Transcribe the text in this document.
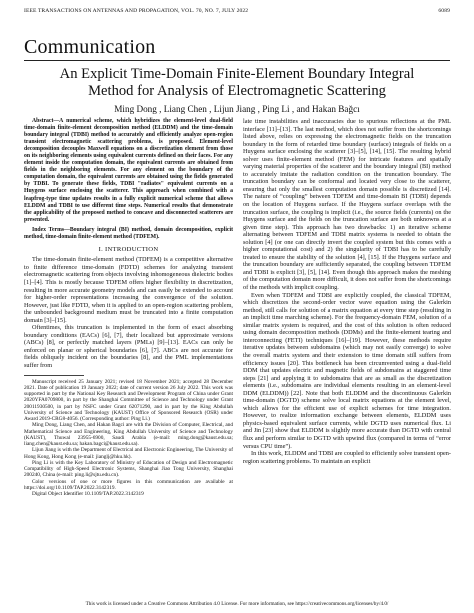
IEEE TRANSACTIONS ON ANTENNAS AND PROPAGATION, VOL. 70, NO. 7, JULY 2022	6089
Communication
An Explicit Time-Domain Finite-Element Boundary Integral Method for Analysis of Electromagnetic Scattering
Ming Dong , Liang Chen , Lijun Jiang , Ping Li , and Hakan Bağcı
Abstract—A numerical scheme, which hybridizes the element-level dual-field time-domain finite-element decomposition method (ELDDM) and the time-domain boundary integral (TDBI) method to accurately and efficiently analyze open-region transient electromagnetic scattering problems, is proposed. Element-level decomposition decouples Maxwell equations on a discretization element from those on its neighboring elements using equivalent currents defined on their faces. For any element inside the computation domain, the equivalent currents are obtained from fields in the neighboring elements. For any element on the boundary of the computation domain, the equivalent currents are obtained using the fields generated by TDBI. To generate these fields, TDBI "radiates" equivalent currents on a Huygens surface enclosing the scatterer. This approach when combined with a leapfrog-type time updates results in a fully explicit numerical scheme that allows ELDDM and TDBI to use different time steps. Numerical results that demonstrate the applicability of the proposed method to concave and disconnected scatterers are presented.
Index Terms—Boundary integral (BI) method, domain decomposition, explicit method, time-domain finite-element method (TDFEM).
I. INTRODUCTION

The time-domain finite-element method (TDFEM) is a competitive alternative to finite difference time-domain (FDTD) schemes for analyzing transient electromagnetic scattering from objects involving inhomogeneous dielectric bodies [1]–[4]. This is mostly because TDFEM offers higher flexibility in discretization, resulting in more accurate geometry models and can easily be extended to account for higher-order representations increasing the convergence of the solution. However, just like FDTD, when it is applied to an open-region scattering problem, the unbounded background medium must be truncated into a finite computation domain [3]–[15].

Oftentimes, this truncation is implemented in the form of exact absorbing boundary conditions (EACs) [6], [7], their localized but approximate versions (ABCs) [8], or perfectly matched layers (PMLs) [9]–[13]. EACs can only be enforced on planar or spherical boundaries [6], [7]. ABCs are not accurate for fields obliquely incident on the boundaries [8], and the PML implementations suffer from

Manuscript received 25 January 2021; revised 18 November 2021; accepted 28 December 2021. Date of publication 19 January 2022; date of current version 26 July 2022. This work was supported in part by the National Key Research and Development Program of China under Grant 2020YFA0709800, in part by the Shanghai Committee of Science and Technology under Grant 20011930500, in part by NSFC under Grant 62071290, and in part by the King Abdullah University of Science and Technology (KAUST) Office of Sponsored Research (OSR) under Award 2019-CRG8-4056. (Corresponding author: Ping Li.)

Ming Dong, Liang Chen, and Hakan Bagci are with the Division of Computer, Electrical, and Mathematical Science and Engineering, King Abdullah University of Science and Technology (KAUST), Thuwal 23955-6900, Saudi Arabia (e-mail: ming.dong@kaust.edu.sa; liang.chen@kaust.edu.sa; hakan.bagci@kaust.edu.sa).

Lijun Jiang is with the Department of Electrical and Electronic Engineering, The University of Hong Kong, Hong Kong (e-mail: jianglj@hku.hk).

Ping Li is with the Key Laboratory of Ministry of Education of Design and Electromagnetic Compatibility of High-Speed Electronic Systems, Shanghai Jiao Tong University, Shanghai 200240, China (e-mail: ping.li@sjtu.edu.cn).

Color versions of one or more figures in this communication are available at https://doi.org/10.1109/TAP.2022.3142319.

Digital Object Identifier 10.1109/TAP.2022.3142319

late time instabilities and inaccuracies due to spurious reflections at the PML interface [11]–[13]. The last method, which does not suffer from the shortcomings listed above, relies on expressing the electromagnetic fields on the truncation boundary in the form of retarded time boundary (surface) integrals of fields on a Huygens surface enclosing the scatterer [3]–[5], [14], [15]. The resulting hybrid solver uses finite-element method (FEM) for intricate features and spatially varying material properties of the scatterer and the boundary integral (BI) method to accurately imitate the radiation condition on the truncation boundary. The truncation boundary can be conformal and located very close to the scatterer, ensuring that only the smallest computation domain possible is discretized [14]. The nature of “coupling” between TDFEM and time-domain BI (TDBI) depends on the location of Huygens surface. If the Huygens surface overlaps with the truncation surface, the coupling is implicit (i.e., the source fields (currents) on the Huygens surface and the fields on the truncation surface are both unknowns at a given time step). This approach has two drawbacks: 1) an iterative scheme alternating between TDFEM and TDBI matrix systems is needed to obtain the solution [4] (or one can directly invert the coupled system but this comes with a higher computational cost) and 2) the singularity of TDBI has to be carefully treated to ensure the stability of the solution [4], [15]. If the Huygens surface and the truncation boundary are sufficiently separated, the coupling between TDFEM and TDBI is explicit [3], [5], [14]. Even though this approach makes the meshing of the computation domain more difficult, it does not suffer from the shortcomings of the methods with implicit coupling.

Even when TDFEM and TDBI are explicitly coupled, the classical TDFEM, which discretizes the second-order vector wave equation using the Galerkin method, still calls for solution of a matrix equation at every time step (resulting in an implicit time marching scheme). For the frequency-domain FEM, solution of a similar matrix system is required, and the cost of this solution is often reduced using domain decomposition methods (DDMs) and the finite-element tearing and interconnecting (FETI) techniques [16]–[19]. However, these methods require iterative updates between subdomains (which may not easily converge) to solve the overall matrix system and their extension to time domain still suffers from efficiency issues [20]. This bottleneck has been circumvented using a dual-field DDM that updates electric and magnetic fields of subdomains at staggered time steps [21] and applying it to subdomains that are as small as the discretization elements (i.e., subdomains are individual elements resulting in an element-level DDM (ELDDM)) [22]. Note that both ELDDM and the discontinuous Galerkin time-domain (DGTD) scheme solve local matrix equations at the element level, which allows for the efficient use of explicit schemes for time integration. However, to realize information exchange between elements, ELDDM uses physics-based equivalent surface currents, while DGTD uses numerical flux. Li and Jin [23] show that ELDDM is slightly more accurate than DGTD with central flux and perform similar to DGTD with upwind flux (compared in terms of “error versus CPU time”).

In this work, ELDDM and TDBI are coupled to efficiently solve transient open-region scattering problems. To maintain an explicit

This work is licensed under a Creative Commons Attribution 4.0 License. For more information, see https://creativecommons.org/licenses/by/4.0/
